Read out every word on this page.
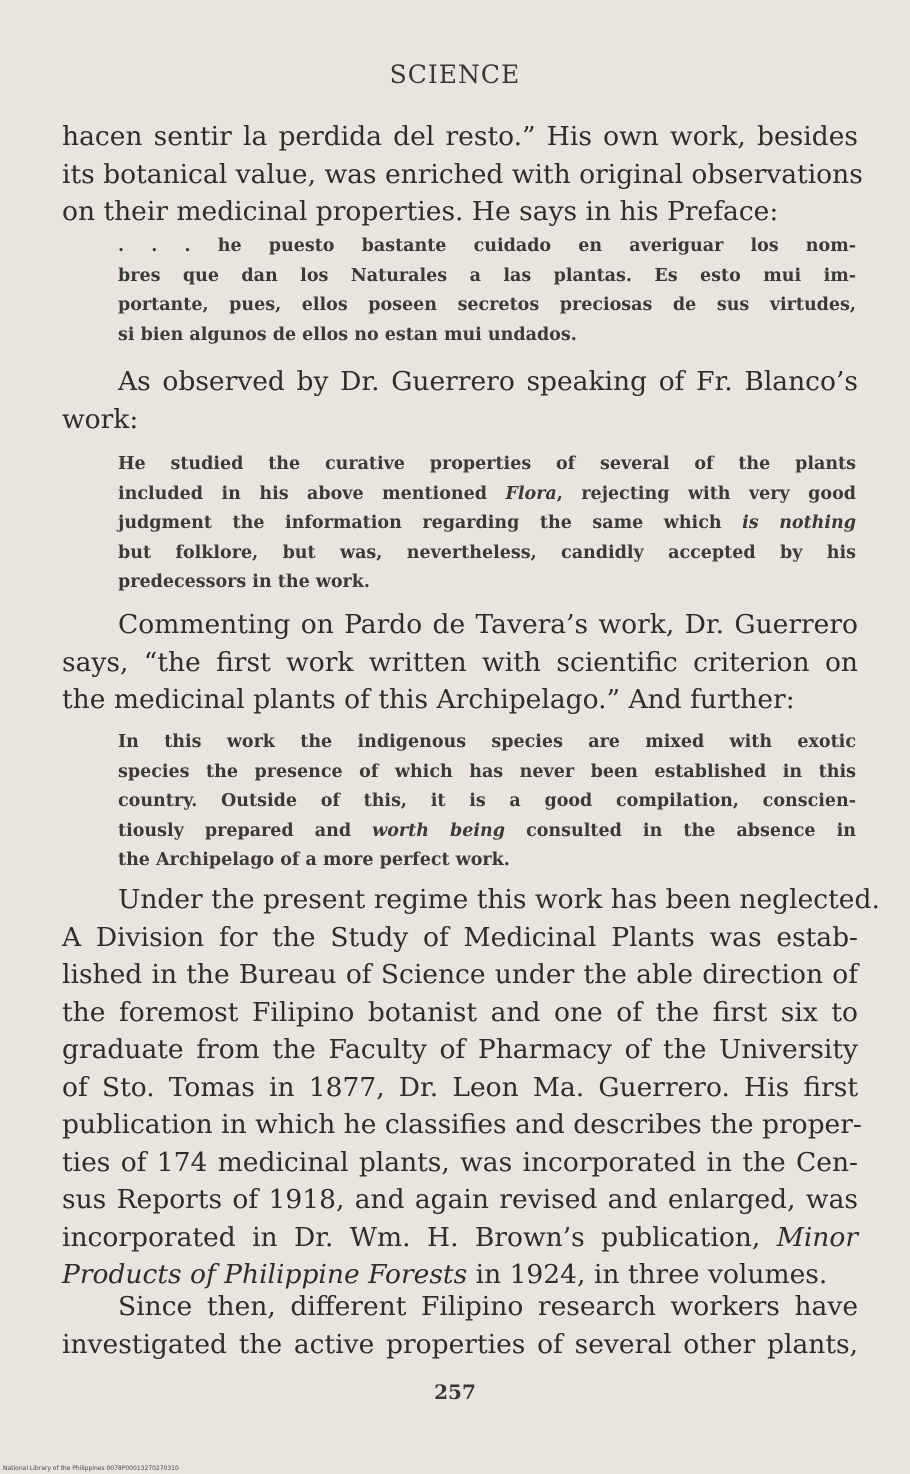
SCIENCE
hacen sentir la perdida del resto.” His own work, besides
its botanical value, was enriched with original observations
on their medicinal properties. He says in his Preface:
. . . he puesto bastante cuidado en averiguar los nom-
bres que dan los Naturales a las plantas. Es esto mui im-
portante, pues, ellos poseen secretos preciosas de sus virtudes,
si bien algunos de ellos no estan mui undados.
As observed by Dr. Guerrero speaking of Fr. Blanco’s
work:
He studied the curative properties of several of the plants
included in his above mentioned Flora, rejecting with very good
judgment the information regarding the same which is nothing
but folklore, but was, nevertheless, candidly accepted by his
predecessors in the work.
Commenting on Pardo de Tavera’s work, Dr. Guerrero
says, “the first work written with scientific criterion on
the medicinal plants of this Archipelago.” And further:
In this work the indigenous species are mixed with exotic
species the presence of which has never been established in this
country. Outside of this, it is a good compilation, conscien-
tiously prepared and worth being consulted in the absence in
the Archipelago of a more perfect work.
Under the present regime this work has been neglected.
A Division for the Study of Medicinal Plants was estab-
lished in the Bureau of Science under the able direction of
the foremost Filipino botanist and one of the first six to
graduate from the Faculty of Pharmacy of the University
of Sto. Tomas in 1877, Dr. Leon Ma. Guerrero. His first
publication in which he classifies and describes the proper-
ties of 174 medicinal plants, was incorporated in the Cen-
sus Reports of 1918, and again revised and enlarged, was
incorporated in Dr. Wm. H. Brown’s publication, Minor
Products of Philippine Forests in 1924, in three volumes.
Since then, different Filipino research workers have
investigated the active properties of several other plants,
257
National Library of the Philippines 0078P00013270270310
